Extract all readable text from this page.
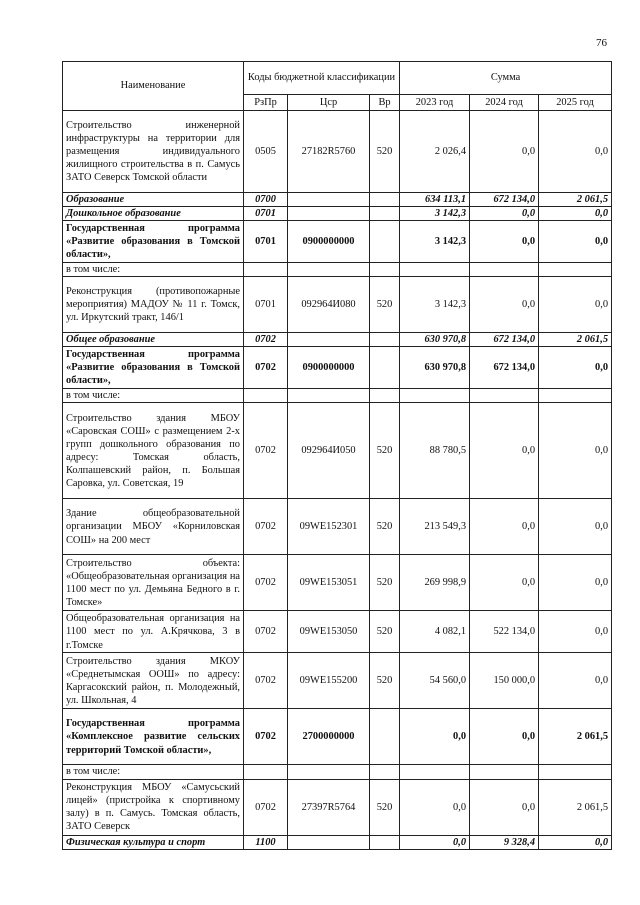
76
Наименование	Коды бюджетной классификации			Сумма		
	РзПр	Цср	Вр	2023 год	2024 год	2025 год
Строительство инженерной инфраструктуры на территории для размещения индивидуального жилищного строительства в п. Самусь ЗАТО Северск Томской области	0505	27182R5760	520	2 026,4	0,0	0,0
Образование	0700			634 113,1	672 134,0	2 061,5
Дошкольное образование	0701			3 142,3	0,0	0,0
Государственная программа «Развитие образования в Томской области»,	0701	0900000000		3 142,3	0,0	0,0
в том числе:						
Реконструкция (противопожарные мероприятия) МАДОУ № 11 г. Томск, ул. Иркутский тракт, 146/1	0701	092964И080	520	3 142,3	0,0	0,0
Общее образование	0702			630 970,8	672 134,0	2 061,5
Государственная программа «Развитие образования в Томской области»,	0702	0900000000		630 970,8	672 134,0	0,0
в том числе:						
Строительство здания МБОУ «Саровская СОШ» с размещением 2-х групп дошкольного образования по адресу: Томская область, Колпашевский район, п. Большая Саровка, ул. Советская, 19	0702	092964И050	520	88 780,5	0,0	0,0
Здание общеобразовательной организации МБОУ «Корниловская СОШ» на 200 мест	0702	09WE152301	520	213 549,3	0,0	0,0
Строительство объекта: «Общеобразовательная организация на 1100 мест по ул. Демьяна Бедного в г. Томске»	0702	09WE153051	520	269 998,9	0,0	0,0
Общеобразовательная организация на 1100 мест по ул. А.Крячкова, 3 в г.Томске	0702	09WE153050	520	4 082,1	522 134,0	0,0
Строительство здания МКОУ «Среднетымская ООШ» по адресу: Каргасокский район, п. Молодежный, ул. Школьная, 4	0702	09WE155200	520	54 560,0	150 000,0	0,0
Государственная программа «Комплексное развитие сельских территорий Томской области»,	0702	2700000000		0,0	0,0	2 061,5
в том числе:						
Реконструкция МБОУ «Самусьский лицей» (пристройка к спортивному залу) в п. Самусь. Томская область, ЗАТО Северск	0702	27397R5764	520	0,0	0,0	2 061,5
Физическая культура и спорт	1100			0,0	9 328,4	0,0
